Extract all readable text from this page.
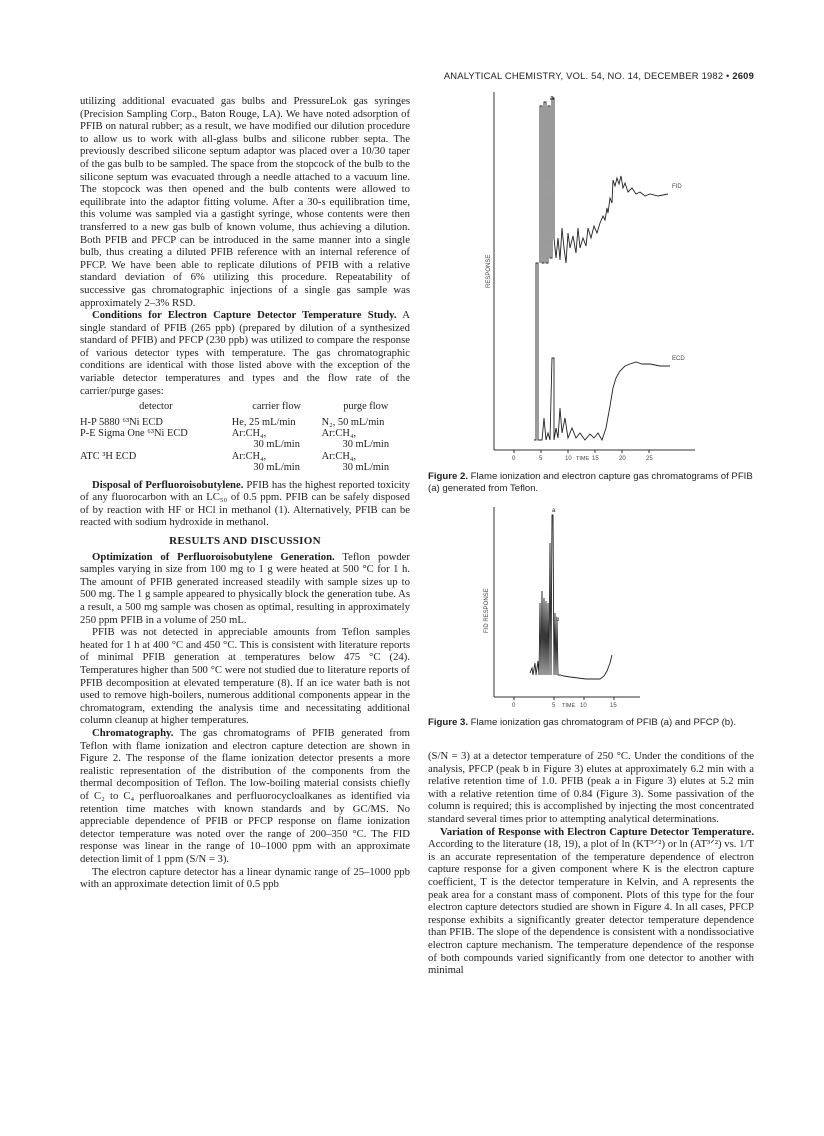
ANALYTICAL CHEMISTRY, VOL. 54, NO. 14, DECEMBER 1982 • 2609

utilizing additional evacuated gas bulbs and PressureLok gas syringes (Precision Sampling Corp., Baton Rouge, LA). We have noted adsorption of PFIB on natural rubber; as a result, we have modified our dilution procedure to allow us to work with all-glass bulbs and silicone rubber septa. The previously described silicone septum adaptor was placed over a 10/30 taper of the gas bulb to be sampled. The space from the stopcock of the bulb to the silicone septum was evacuated through a needle attached to a vacuum line. The stopcock was then opened and the bulb contents were allowed to equilibrate into the adaptor fitting volume. After a 30-s equilibration time, this volume was sampled via a gastight syringe, whose contents were then transferred to a new gas bulb of known volume, thus achieving a dilution. Both PFIB and PFCP can be introduced in the same manner into a single bulb, thus creating a diluted PFIB reference with an internal reference of PFCP. We have been able to replicate dilutions of PFIB with a relative standard deviation of 6% utilizing this procedure. Repeatability of successive gas chromatographic injections of a single gas sample was approximately 2–3% RSD.

Conditions for Electron Capture Detector Temperature Study. A single standard of PFIB (265 ppb) (prepared by dilution of a synthesized standard of PFIB) and PFCP (230 ppb) was utilized to compare the response of various detector types with temperature. The gas chromatographic conditions are identical with those listed above with the exception of the variable detector temperatures and types and the flow rate of the carrier/purge gases:

detector	carrier flow	purge flow
H-P 5880 ⁶³Ni ECD	He, 25 mL/min	N₂, 50 mL/min
P-E Sigma One ⁶³Ni ECD	Ar:CH₄,	Ar:CH₄,
	30 mL/min	30 mL/min
ATC ³H ECD	Ar:CH₄,	Ar:CH₄,
	30 mL/min	30 mL/min

Disposal of Perfluoroisobutylene. PFIB has the highest reported toxicity of any fluorocarbon with an LC₅₀ of 0.5 ppm. PFIB can be safely disposed of by reaction with HF or HCl in methanol (1). Alternatively, PFIB can be reacted with sodium hydroxide in methanol.

RESULTS AND DISCUSSION

Optimization of Perfluoroisobutylene Generation. Teflon powder samples varying in size from 100 mg to 1 g were heated at 500 °C for 1 h. The amount of PFIB generated increased steadily with sample sizes up to 500 mg. The 1 g sample appeared to physically block the generation tube. As a result, a 500 mg sample was chosen as optimal, resulting in approximately 250 ppm PFIB in a volume of 250 mL.

PFIB was not detected in appreciable amounts from Teflon samples heated for 1 h at 400 °C and 450 °C. This is consistent with literature reports of minimal PFIB generation at temperatures below 475 °C (24). Temperatures higher than 500 °C were not studied due to literature reports of PFIB decomposition at elevated temperature (8). If an ice water bath is not used to remove high-boilers, numerous additional components appear in the chromatogram, extending the analysis time and necessitating additional column cleanup at higher temperatures.

Chromatography. The gas chromatograms of PFIB generated from Teflon with flame ionization and electron capture detection are shown in Figure 2. The response of the flame ionization detector presents a more realistic representation of the distribution of the components from the thermal decomposition of Teflon. The low-boiling material consists chiefly of C₂ to C₄ perfluoroalkanes and perfluorocycloalkanes as identified via retention time matches with known standards and by GC/MS. No appreciable dependence of PFIB or PFCP response on flame ionization detector temperature was noted over the range of 200–350 °C. The FID response was linear in the range of 10–1000 ppm with an approximate detection limit of 1 ppm (S/N = 3).

The electron capture detector has a linear dynamic range of 25–1000 ppb with an approximate detection limit of 0.5 ppb

RESPONSE
FID
a
ECD
0	5	10 TIME 15	20	25
Figure 2. Flame ionization and electron capture gas chromatograms of PFIB (a) generated from Teflon.
FID RESPONSE
a
b
0	5 TIME 10	15
Figure 3. Flame ionization gas chromatogram of PFIB (a) and PFCP (b).

(S/N = 3) at a detector temperature of 250 °C. Under the conditions of the analysis, PFCP (peak b in Figure 3) elutes at approximately 6.2 min with a relative retention time of 1.0. PFIB (peak a in Figure 3) elutes at 5.2 min with a relative retention time of 0.84 (Figure 3). Some passivation of the column is required; this is accomplished by injecting the most concentrated standard several times prior to attempting analytical determinations.

Variation of Response with Electron Capture Detector Temperature. According to the literature (18, 19), a plot of ln (KT³ᐟ²) or ln (AT³ᐟ²) vs. 1/T is an accurate representation of the temperature dependence of electron capture response for a given component where K is the electron capture coefficient, T is the detector temperature in Kelvin, and A represents the peak area for a constant mass of component. Plots of this type for the four electron capture detectors studied are shown in Figure 4. In all cases, PFCP response exhibits a significantly greater detector temperature dependence than PFIB. The slope of the dependence is consistent with a nondissociative electron capture mechanism. The temperature dependence of the response of both compounds varied significantly from one detector to another with minimal
